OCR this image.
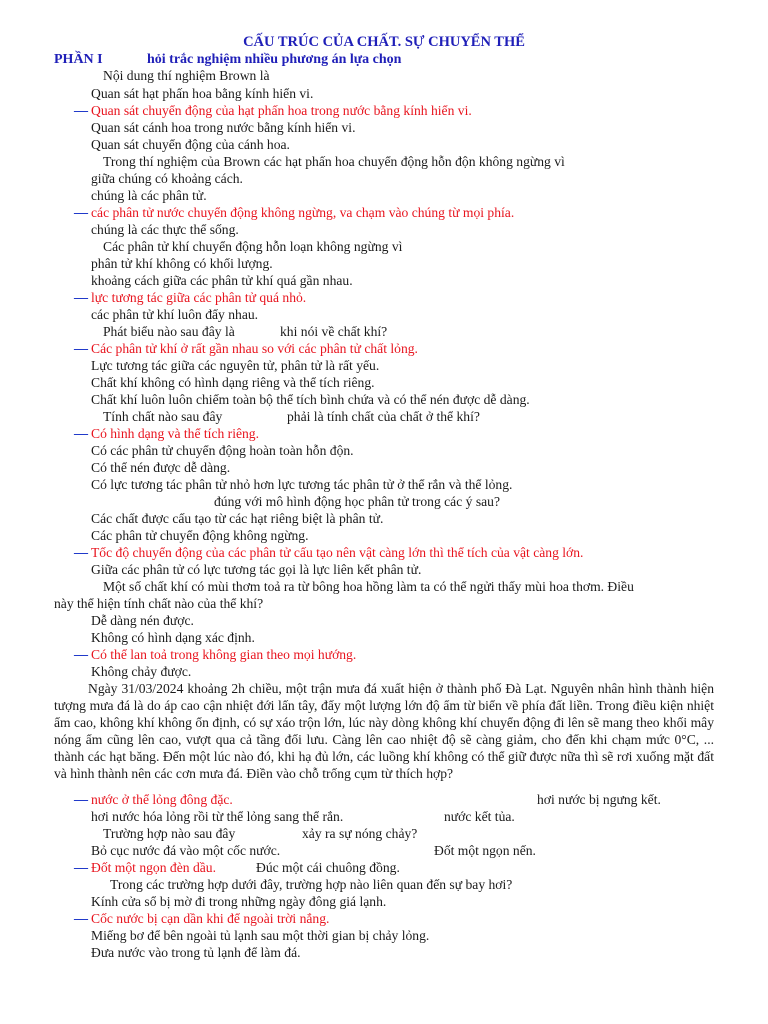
CẤU TRÚC CỦA CHẤT. SỰ CHUYỂN THỂ
PHẦN I	hỏi trắc nghiệm nhiều phương án lựa chọn
Nội dung thí nghiệm Brown là
Quan sát hạt phấn hoa bằng kính hiển vi.
__
Quan sát chuyển động của hạt phấn hoa trong nước bằng kính hiển vi.
Quan sát cánh hoa trong nước bằng kính hiển vi.
Quan sát chuyển động của cánh hoa.
Trong thí nghiệm của Brown các hạt phấn hoa chuyển động hỗn độn không ngừng vì
giữa chúng có khoảng cách.
chúng là các phân tử.
__
các phân tử nước chuyển động không ngừng, va chạm vào chúng từ mọi phía.
chúng là các thực thể sống.
Các phân tử khí chuyển động hỗn loạn không ngừng vì
phân tử khí không có khối lượng.
khoảng cách giữa các phân tử khí quá gần nhau.
__
lực tương tác giữa các phân tử quá nhỏ.
các phân tử khí luôn đẩy nhau.
Phát biểu nào sau đây là	khi nói về chất khí?
__
Các phân tử khí ở rất gần nhau so với các phân tử chất lỏng.
Lực tương tác giữa các nguyên tử, phân tử là rất yếu.
Chất khí không có hình dạng riêng và thể tích riêng.
Chất khí luôn luôn chiếm toàn bộ thể tích bình chứa và có thể nén được dễ dàng.
Tính chất nào sau đây	phải là tính chất của chất ở thể khí?
__
Có hình dạng và thể tích riêng.
Có các phân tử chuyển động hoàn toàn hỗn độn.
Có thể nén được dễ dàng.
Có lực tương tác phân tử nhỏ hơn lực tương tác phân tử ở thể rắn và thể lỏng.
đúng với mô hình động học phân tử trong các ý sau?
Các chất được cấu tạo từ các hạt riêng biệt là phân tử.
Các phân tử chuyển động không ngừng.
__
Tốc độ chuyển động của các phân tử cấu tạo nên vật càng lớn thì thể tích của vật càng lớn.
Giữa các phân tử có lực tương tác gọi là lực liên kết phân tử.
Một số chất khí có mùi thơm toả ra từ bông hoa hồng làm ta có thể ngửi thấy mùi hoa thơm. Điều
này thể hiện tính chất nào của thể khí?
Dễ dàng nén được.
Không có hình dạng xác định.
__
Có thể lan toả trong không gian theo mọi hướng.
Không chảy được.
Ngày 31/03/2024 khoảng 2h chiều, một trận mưa đá xuất hiện ở thành phố Đà Lạt. Nguyên nhân hình thành hiện tượng mưa đá là do áp cao cận nhiệt đới lấn tây, đẩy một lượng lớn độ ẩm từ biển về phía đất liền. Trong điều kiện nhiệt ẩm cao, không khí không ổn định, có sự xáo trộn lớn, lúc này dòng không khí chuyển động đi lên sẽ mang theo khối mây nóng ẩm cũng lên cao, vượt qua cả tầng đối lưu. Càng lên cao nhiệt độ sẽ càng giảm, cho đến khi chạm mức 0°C, ... thành các hạt băng. Đến một lúc nào đó, khi hạ đủ lớn, các luồng khí không có thể giữ được nữa thì sẽ rơi xuống mặt đất và hình thành nên các cơn mưa đá. Điền vào chỗ trống cụm từ thích hợp?
__
nước ở thể lỏng đông đặc.	hơi nước bị ngưng kết.
hơi nước hóa lỏng rồi từ thể lỏng sang thể rắn.	nước kết tủa.
Trường hợp nào sau đây	xảy ra sự nóng chảy?
Bỏ cục nước đá vào một cốc nước.	Đốt một ngọn nến.
__
Đốt một ngọn đèn dầu.	Đúc một cái chuông đồng.
Trong các trường hợp dưới đây, trường hợp nào liên quan đến sự bay hơi?
Kính cửa sổ bị mờ đi trong những ngày đông giá lạnh.
__
Cốc nước bị cạn dần khi để ngoài trời nắng.
Miếng bơ để bên ngoài tủ lạnh sau một thời gian bị chảy lỏng.
Đưa nước vào trong tủ lạnh để làm đá.
